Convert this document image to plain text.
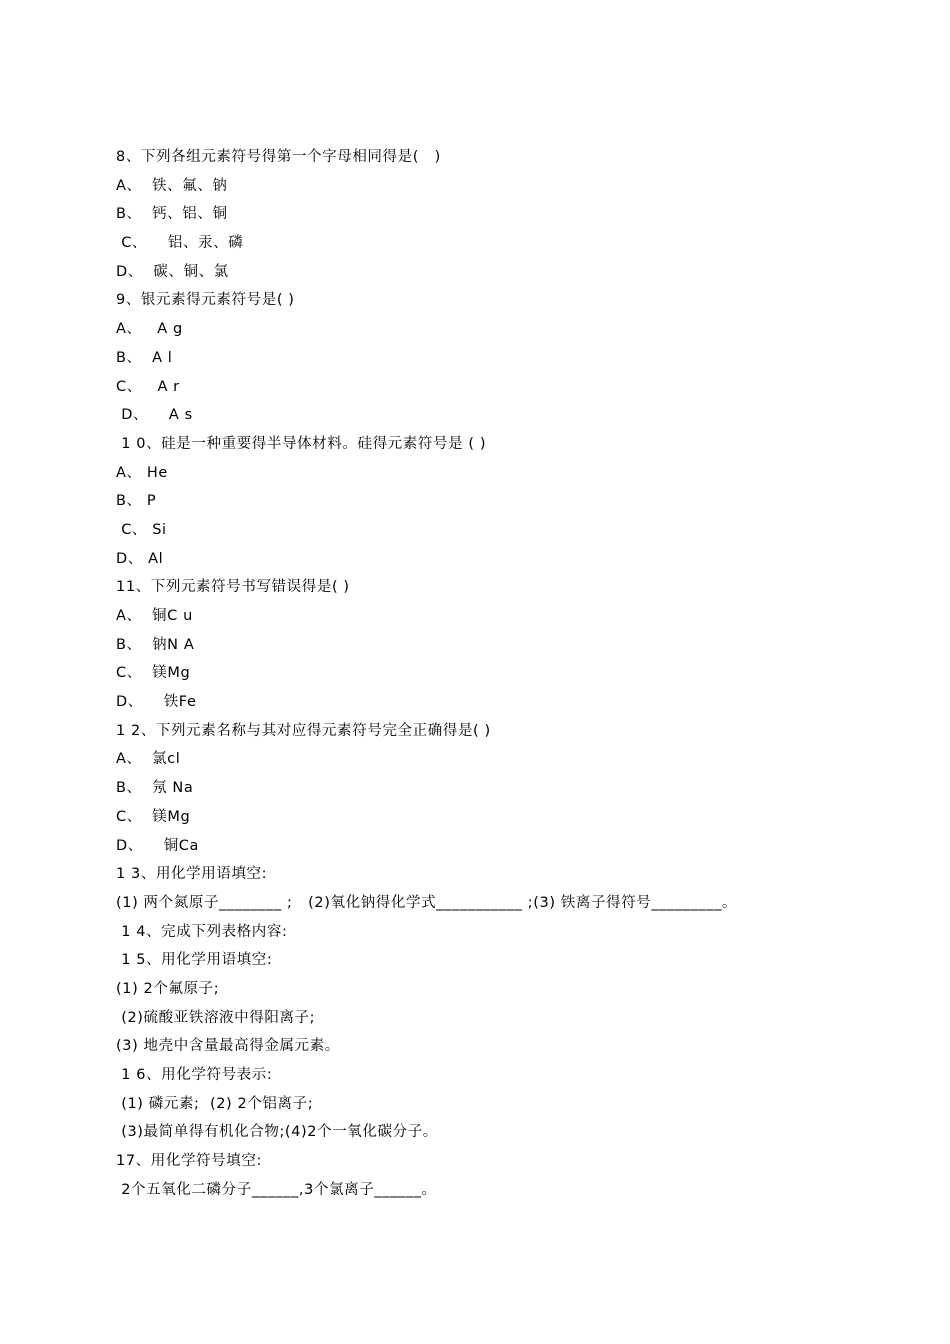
8、下列各组元素符号得第一个字母相同得是(   )
A、  铁、氟、钠
B、  钙、铝、铜
C、    铝、汞、磷
D、  碳、铜、氯
9、银元素得元素符号是( )
A、   A g
B、  A l
C、   A r
D、    A s
1 0、硅是一种重要得半导体材料。硅得元素符号是 ( )
A、 He
B、 P
C、 Si
D、 Al
11、下列元素符号书写错误得是( )
A、  铜C u
B、  钠N A
C、  镁Mg
D、    铁Fe
1 2、下列元素名称与其对应得元素符号完全正确得是( )
A、  氯cl
B、  氖 Na
C、  镁Mg
D、    铜Ca
1 3、用化学用语填空:
(1) 两个氮原子________ ;   (2)氧化钠得化学式___________ ;(3) 铁离子得符号_________。
1 4、完成下列表格内容:
1 5、用化学用语填空:
(1) 2个氟原子;
(2)硫酸亚铁溶液中得阳离子;
(3) 地壳中含量最高得金属元素。
1 6、用化学符号表示:
(1) 磷元素;  (2) 2个铝离子;
(3)最简单得有机化合物;(4)2个一氧化碳分子。
17、用化学符号填空:
2个五氧化二磷分子______,3个氯离子______。
